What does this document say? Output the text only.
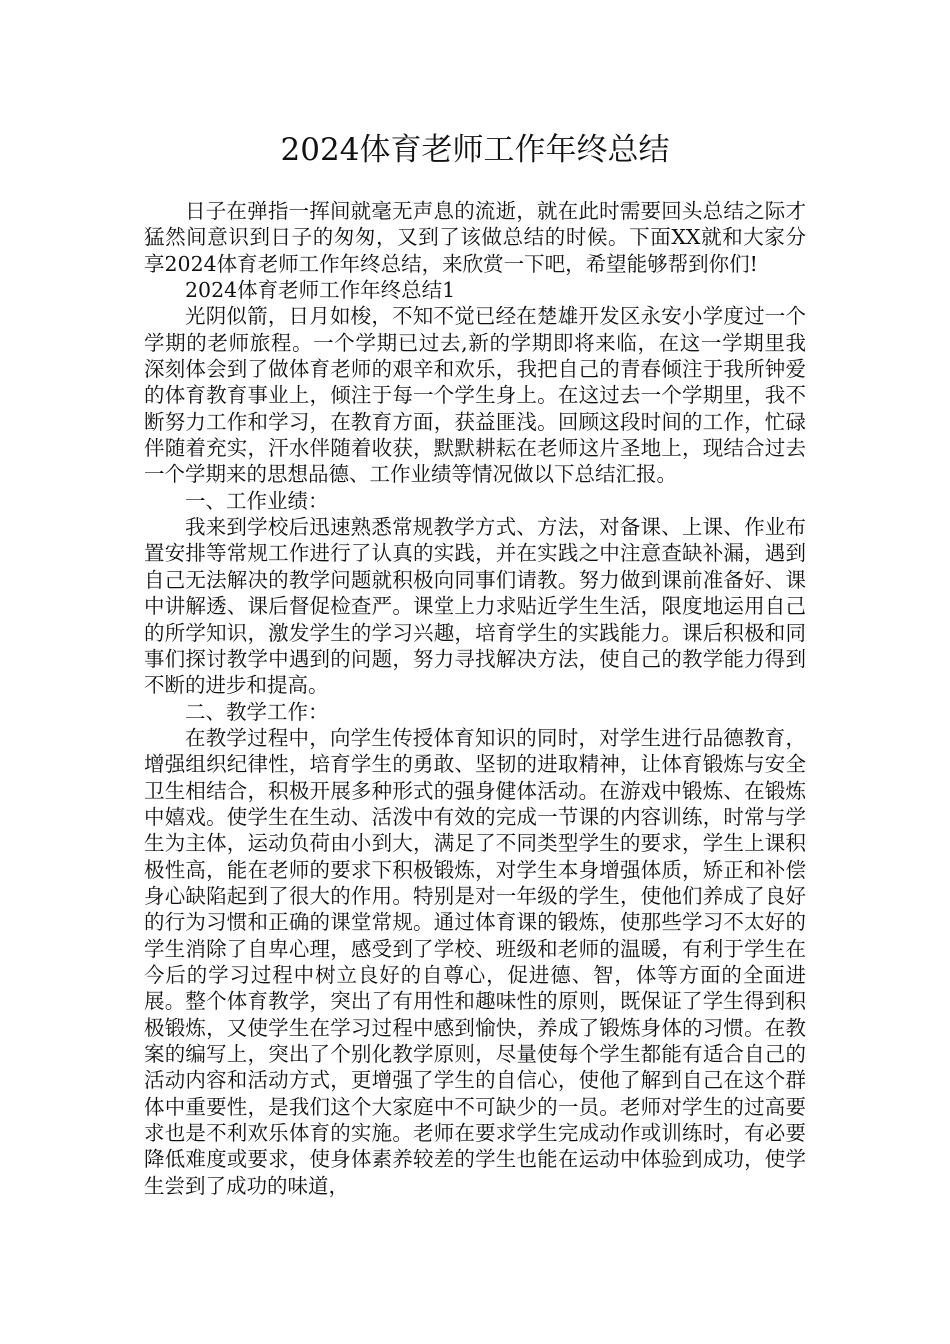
2024体育老师工作年终总结

日子在弹指一挥间就毫无声息的流逝，就在此时需要回头总结之际才猛然间意识到日子的匆匆，又到了该做总结的时候。下面XX就和大家分享2024体育老师工作年终总结，来欣赏一下吧，希望能够帮到你们!

2024体育老师工作年终总结1

光阴似箭，日月如梭，不知不觉已经在楚雄开发区永安小学度过一个学期的老师旅程。一个学期已过去,新的学期即将来临，在这一学期里我深刻体会到了做体育老师的艰辛和欢乐，我把自己的青春倾注于我所钟爱的体育教育事业上，倾注于每一个学生身上。在这过去一个学期里，我不断努力工作和学习，在教育方面，获益匪浅。回顾这段时间的工作，忙碌伴随着充实，汗水伴随着收获，默默耕耘在老师这片圣地上，现结合过去一个学期来的思想品德、工作业绩等情况做以下总结汇报。

一、工作业绩：

我来到学校后迅速熟悉常规教学方式、方法，对备课、上课、作业布置安排等常规工作进行了认真的实践，并在实践之中注意查缺补漏，遇到自己无法解决的教学问题就积极向同事们请教。努力做到课前准备好、课中讲解透、课后督促检查严。课堂上力求贴近学生生活，限度地运用自己的所学知识，激发学生的学习兴趣，培育学生的实践能力。课后积极和同事们探讨教学中遇到的问题，努力寻找解决方法，使自己的教学能力得到不断的进步和提高。

二、教学工作：

在教学过程中，向学生传授体育知识的同时，对学生进行品德教育，增强组织纪律性，培育学生的勇敢、坚韧的进取精神，让体育锻炼与安全卫生相结合，积极开展多种形式的强身健体活动。在游戏中锻炼、在锻炼中嬉戏。使学生在生动、活泼中有效的完成一节课的内容训练，时常与学生为主体，运动负荷由小到大，满足了不同类型学生的要求，学生上课积极性高，能在老师的要求下积极锻炼，对学生本身增强体质，矫正和补偿身心缺陷起到了很大的作用。特别是对一年级的学生，使他们养成了良好的行为习惯和正确的课堂常规。通过体育课的锻炼，使那些学习不太好的学生消除了自卑心理，感受到了学校、班级和老师的温暖，有利于学生在今后的学习过程中树立良好的自尊心，促进德、智，体等方面的全面进展。整个体育教学，突出了有用性和趣味性的原则，既保证了学生得到积极锻炼，又使学生在学习过程中感到愉快，养成了锻炼身体的习惯。在教案的编写上，突出了个别化教学原则，尽量使每个学生都能有适合自己的活动内容和活动方式，更增强了学生的自信心，使他了解到自己在这个群体中重要性，是我们这个大家庭中不可缺少的一员。老师对学生的过高要求也是不利欢乐体育的实施。老师在要求学生完成动作或训练时，有必要降低难度或要求，使身体素养较差的学生也能在运动中体验到成功，使学生尝到了成功的味道，
